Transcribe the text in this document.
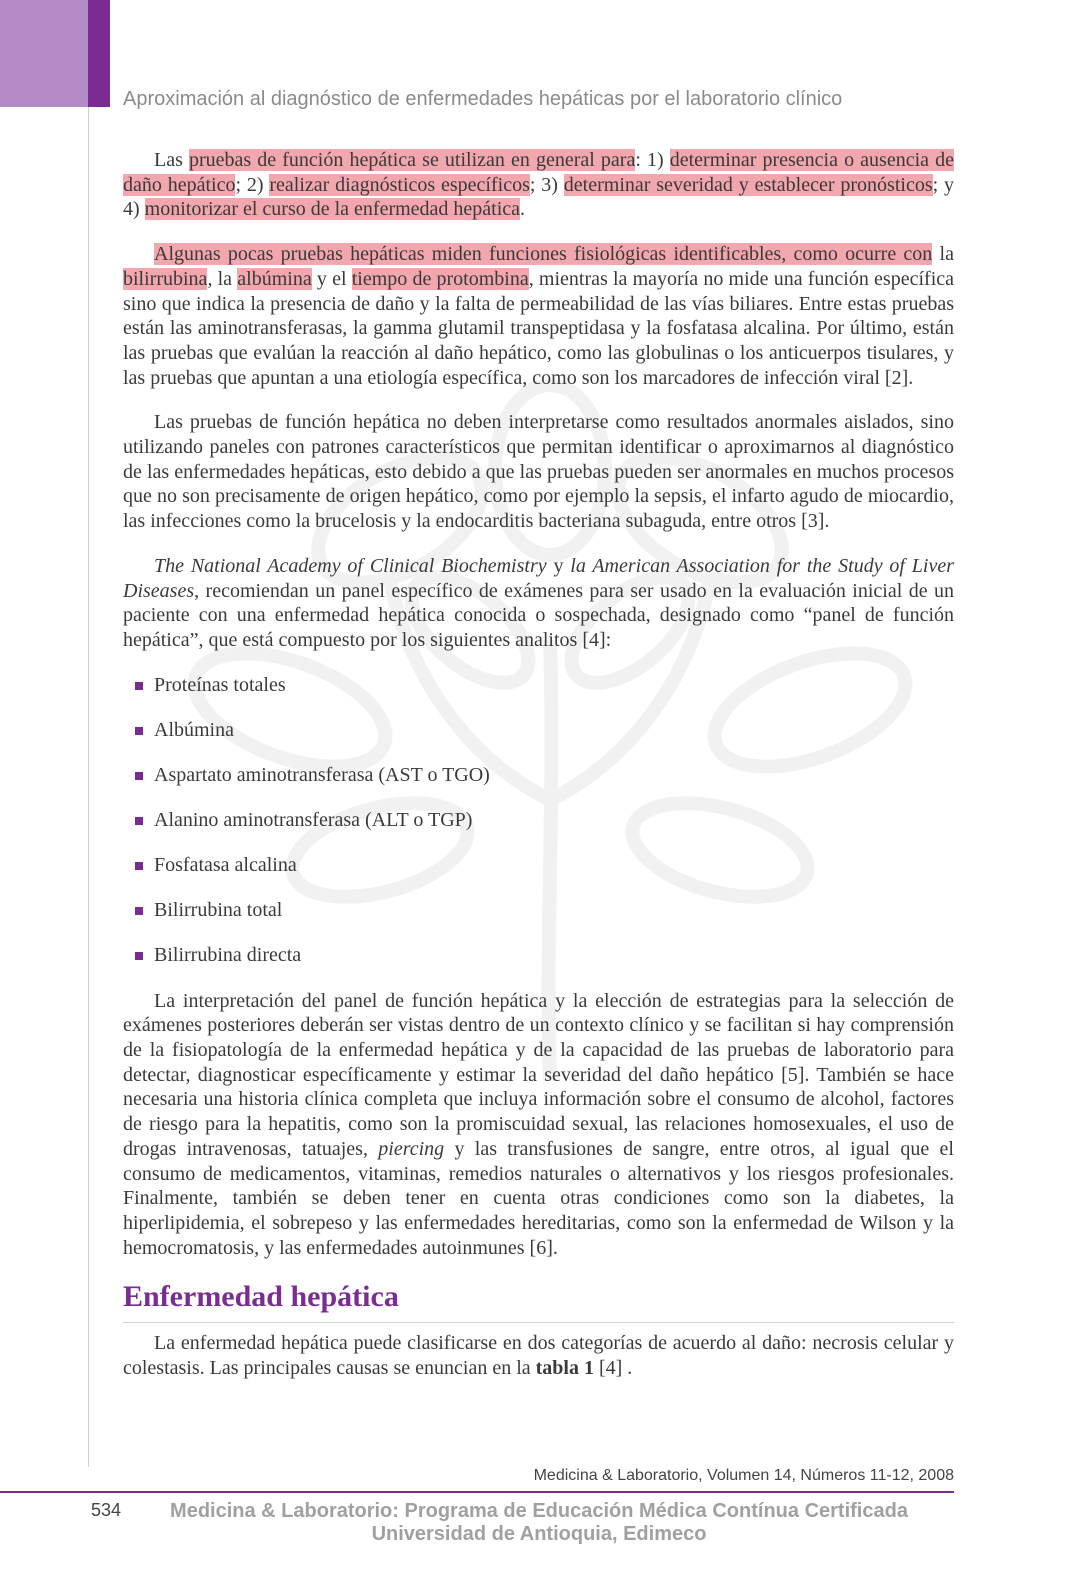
Aproximación al diagnóstico de enfermedades hepáticas por el laboratorio clínico

Las pruebas de función hepática se utilizan en general para: 1) determinar presencia o ausencia de daño hepático; 2) realizar diagnósticos específicos; 3) determinar severidad y establecer pronósticos; y 4) monitorizar el curso de la enfermedad hepática.

Algunas pocas pruebas hepáticas miden funciones fisiológicas identificables, como ocurre con la bilirrubina, la albúmina y el tiempo de protombina, mientras la mayoría no mide una función específica sino que indica la presencia de daño y la falta de permeabilidad de las vías biliares. Entre estas pruebas están las aminotransferasas, la gamma glutamil transpeptidasa y la fosfatasa alcalina. Por último, están las pruebas que evalúan la reacción al daño hepático, como las globulinas o los anticuerpos tisulares, y las pruebas que apuntan a una etiología específica, como son los marcadores de infección viral [2].

Las pruebas de función hepática no deben interpretarse como resultados anormales aislados, sino utilizando paneles con patrones característicos que permitan identificar o aproximarnos al diagnóstico de las enfermedades hepáticas, esto debido a que las pruebas pueden ser anormales en muchos procesos que no son precisamente de origen hepático, como por ejemplo la sepsis, el infarto agudo de miocardio, las infecciones como la brucelosis y la endocarditis bacteriana subaguda, entre otros [3].

The National Academy of Clinical Biochemistry y la American Association for the Study of Liver Diseases, recomiendan un panel específico de exámenes para ser usado en la evaluación inicial de un paciente con una enfermedad hepática conocida o sospechada, designado como “panel de función hepática”, que está compuesto por los siguientes analitos [4]:

Proteínas totales
Albúmina
Aspartato aminotransferasa (AST o TGO)
Alanino aminotransferasa (ALT o TGP)
Fosfatasa alcalina
Bilirrubina total
Bilirrubina directa

La interpretación del panel de función hepática y la elección de estrategias para la selección de exámenes posteriores deberán ser vistas dentro de un contexto clínico y se facilitan si hay comprensión de la fisiopatología de la enfermedad hepática y de la capacidad de las pruebas de laboratorio para detectar, diagnosticar específicamente y estimar la severidad del daño hepático [5]. También se hace necesaria una historia clínica completa que incluya información sobre el consumo de alcohol, factores de riesgo para la hepatitis, como son la promiscuidad sexual, las relaciones homosexuales, el uso de drogas intravenosas, tatuajes, piercing y las transfusiones de sangre, entre otros, al igual que el consumo de medicamentos, vitaminas, remedios naturales o alternativos y los riesgos profesionales. Finalmente, también se deben tener en cuenta otras condiciones como son la diabetes, la hiperlipidemia, el sobrepeso y las enfermedades hereditarias, como son la enfermedad de Wilson y la hemocromatosis, y las enfermedades autoinmunes [6].

Enfermedad hepática

La enfermedad hepática puede clasificarse en dos categorías de acuerdo al daño: necrosis celular y colestasis. Las principales causas se enuncian en la tabla 1 [4] .

Medicina & Laboratorio, Volumen 14, Números 11-12, 2008
534	Medicina & Laboratorio: Programa de Educación Médica Contínua Certificada
Universidad de Antioquia, Edimeco
